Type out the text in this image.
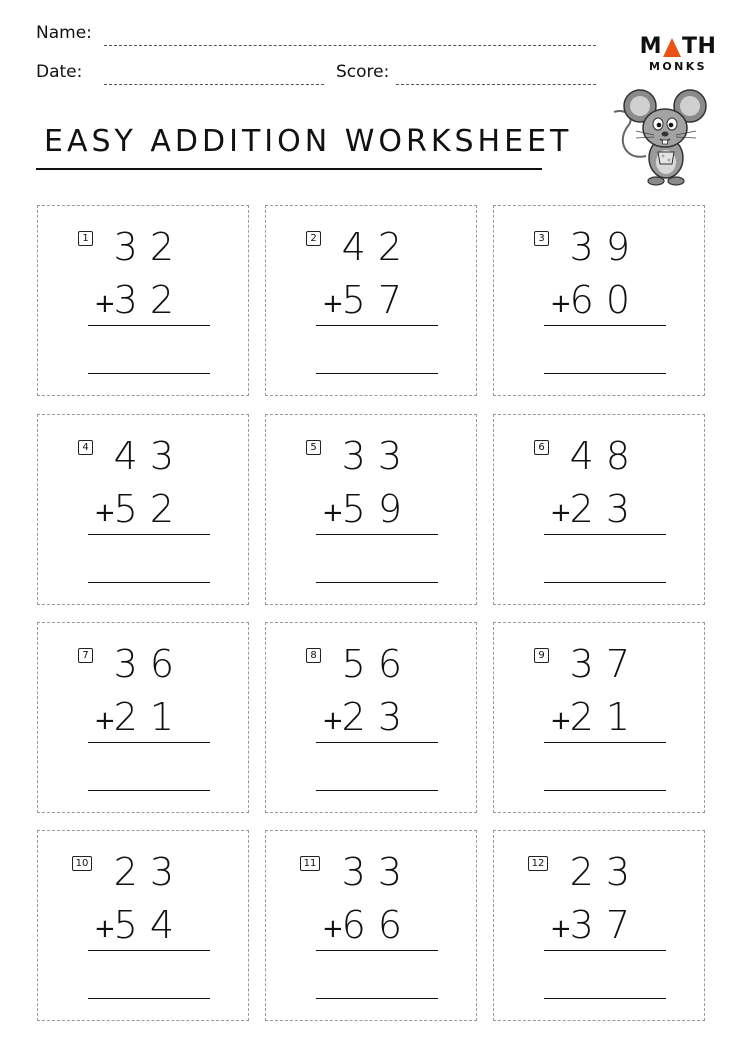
Name:
Date:	Score:
M TH
MONKS
EASY ADDITION WORKSHEET
1 32
+
32
2 42
+
57
3 39
+
60
4 43
+
52
5 33
+
59
6 48
+
23
7 36
+
21
8 56
+
23
9 37
+
21
10 23
+
54
11 33
+
66
12 23
+
37
